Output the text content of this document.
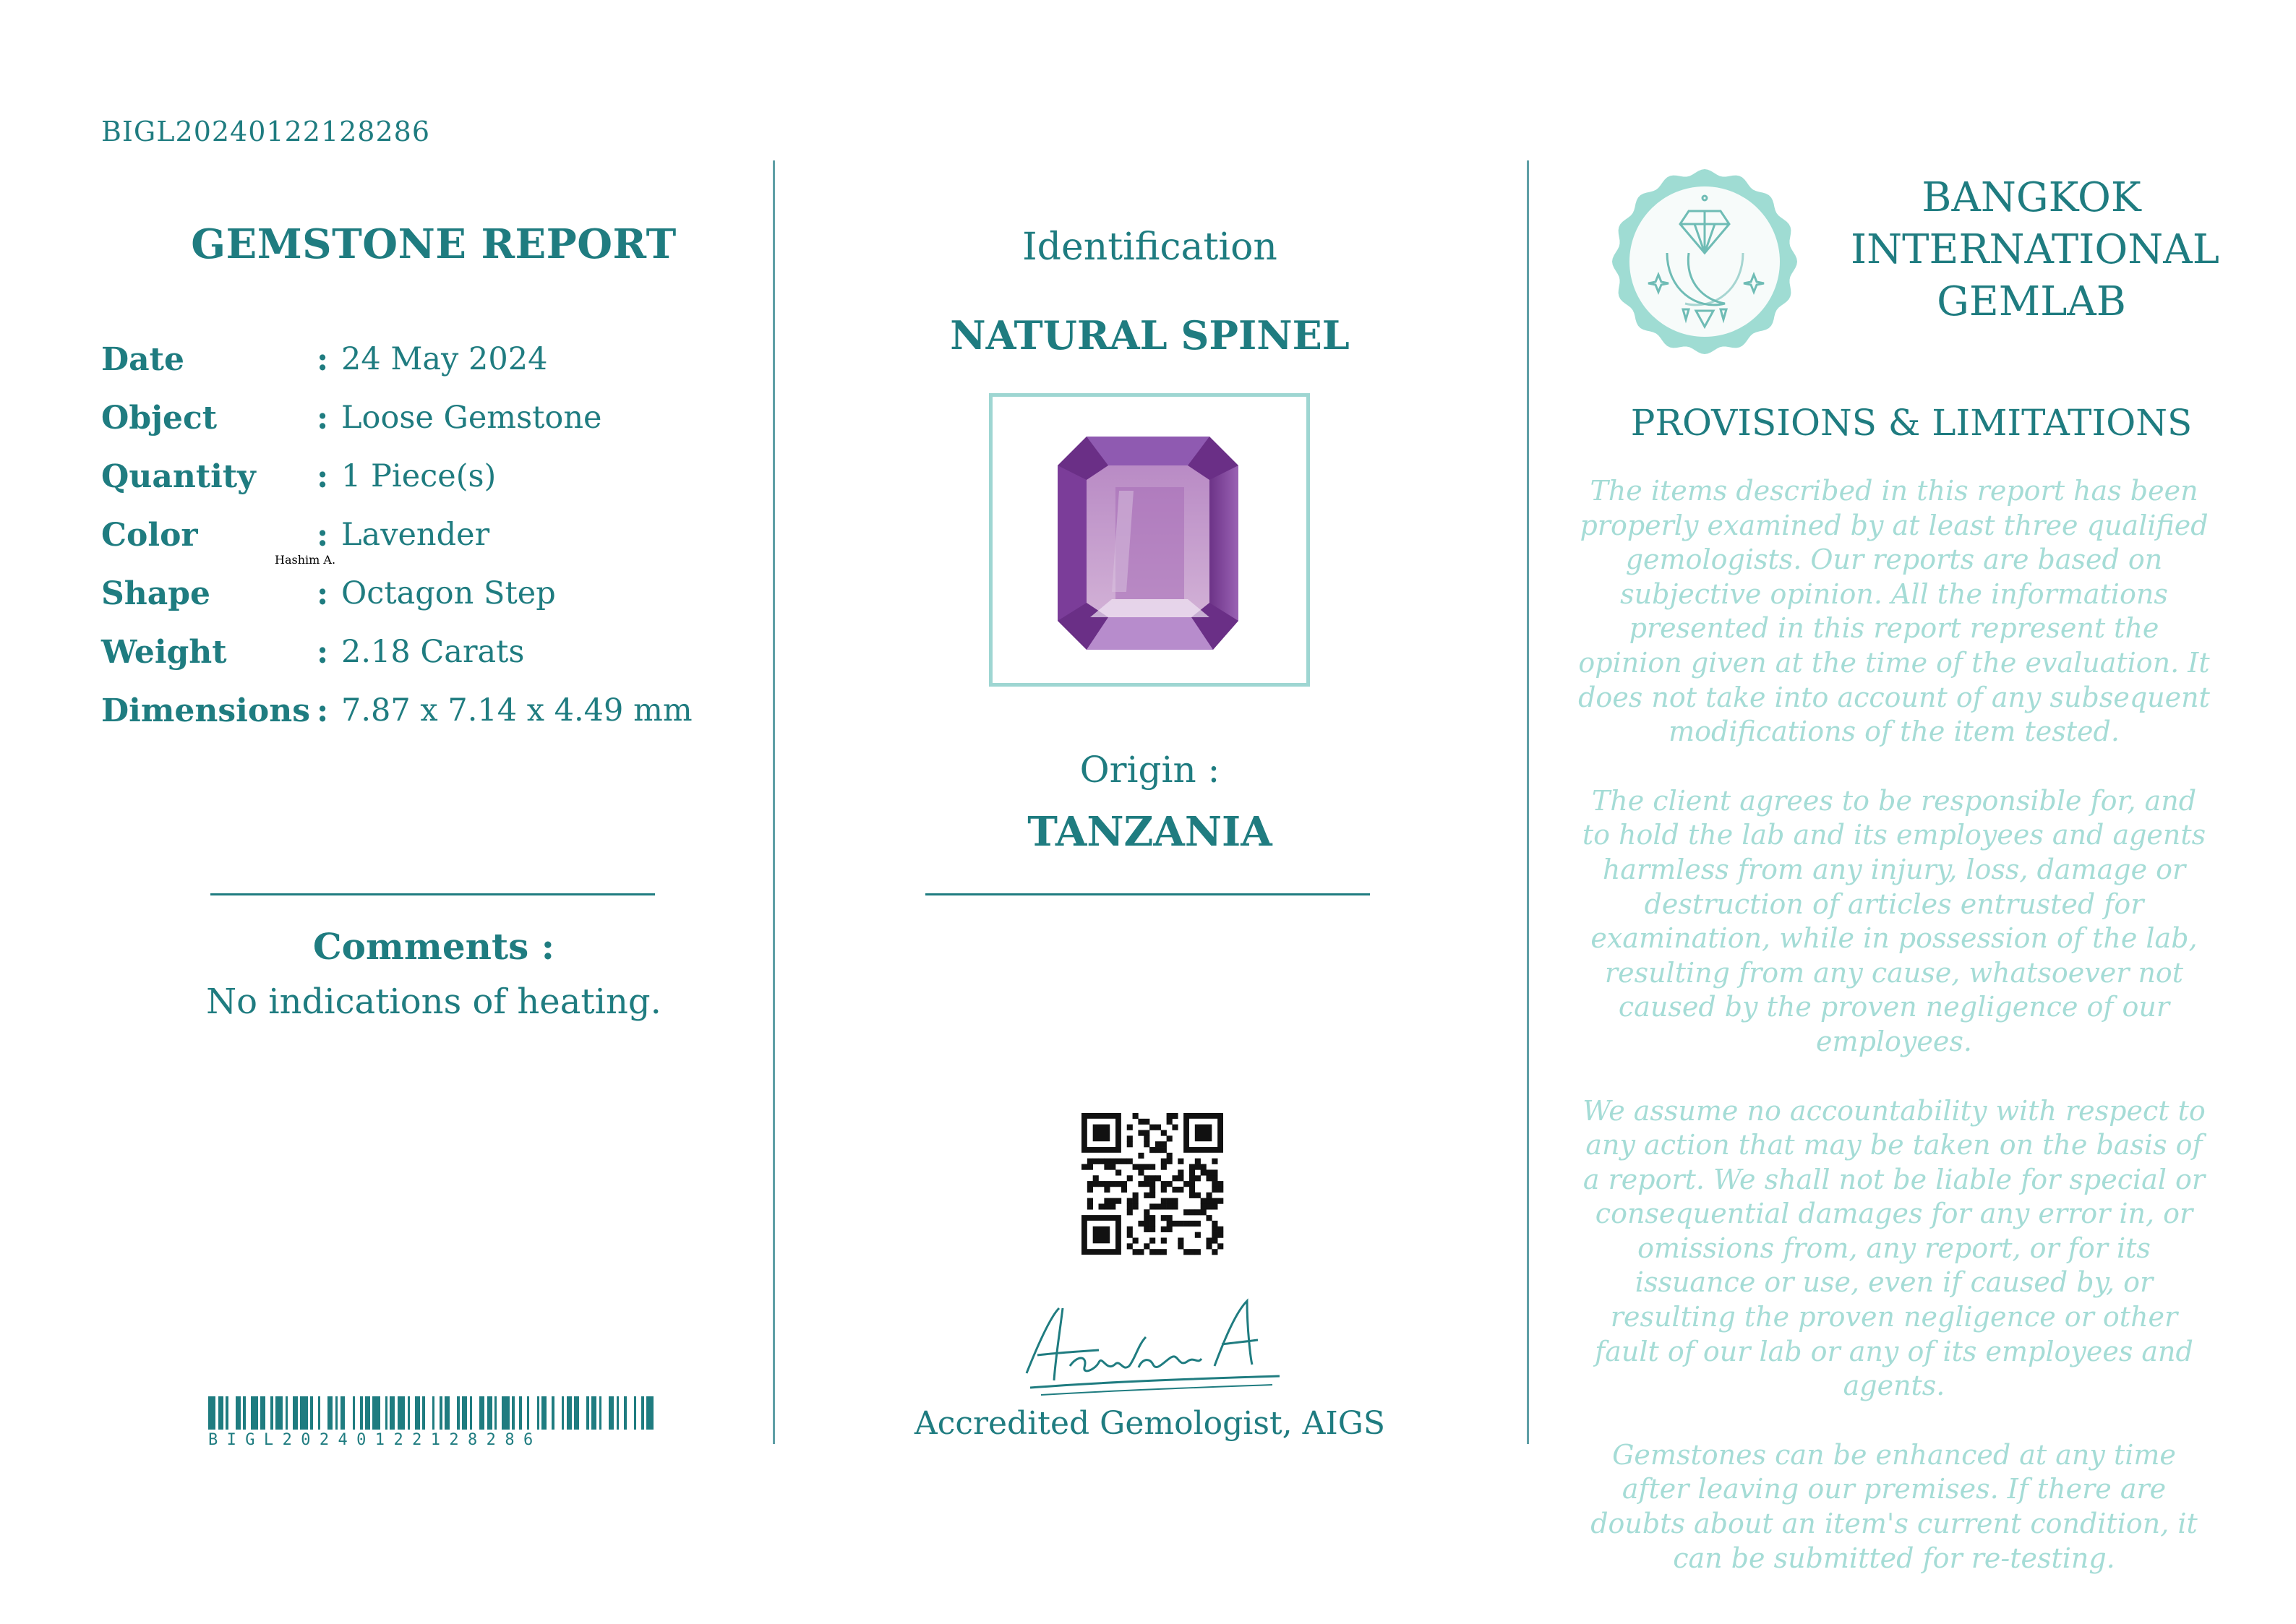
BIGL20240122128286
GEMSTONE REPORT
Date	: 24 May 2024
Object	: Loose Gemstone
Quantity : 1 Piece(s)
Color	: Lavender
Shape	: Octagon Step
Weight	: 2.18 Carats
Dimensions : 7.87 x 7.14 x 4.49 mm
Comments :
No indications of heating.
BIGL20240122128286
Identification
NATURAL SPINEL
Origin :
TANZANIA
Hashim A.
Accredited Gemologist, AIGS
BANGKOK
INTERNATIONAL
GEMLAB
PROVISIONS & LIMITATIONS

The items described in this report has been properly examined by at least three qualified gemologists. Our reports are based on subjective opinion. All the informations presented in this report represent the opinion given at the time of the evaluation. It does not take into account of any subsequent modifications of the item tested.

The client agrees to be responsible for, and to hold the lab and its employees and agents harmless from any injury, loss, damage or destruction of articles entrusted for examination, while in possession of the lab, resulting from any cause, whatsoever not caused by the proven negligence of our employees.

We assume no accountability with respect to any action that may be taken on the basis of a report. We shall not be liable for special or consequential damages for any error in, or omissions from, any report, or for its issuance or use, even if caused by, or resulting the proven negligence or other fault of our lab or any of its employees and agents.

Gemstones can be enhanced at any time after leaving our premises. If there are doubts about an item's current condition, it can be submitted for re-testing.
